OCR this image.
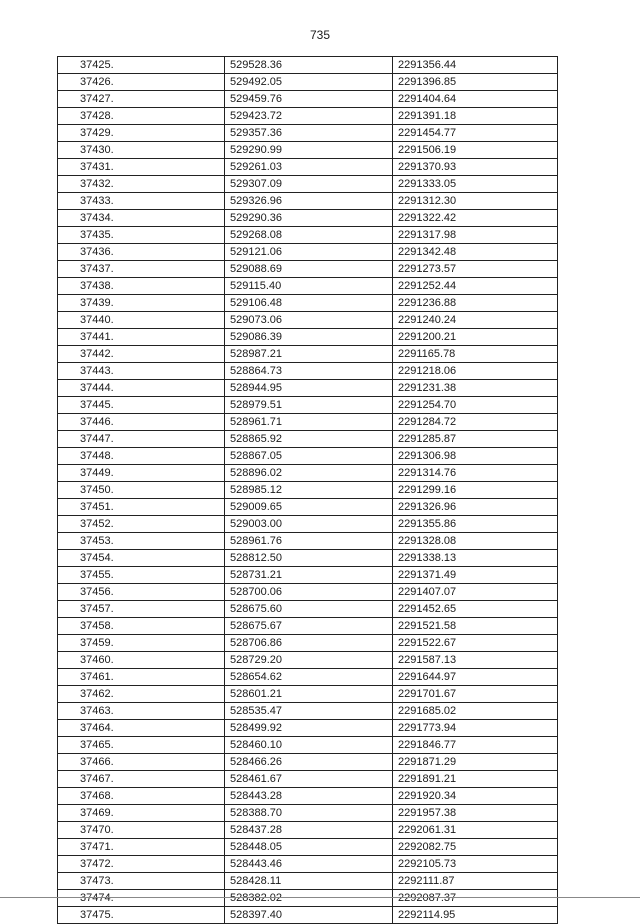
735
37425.	529528.36	2291356.44
37426.	529492.05	2291396.85
37427.	529459.76	2291404.64
37428.	529423.72	2291391.18
37429.	529357.36	2291454.77
37430.	529290.99	2291506.19
37431.	529261.03	2291370.93
37432.	529307.09	2291333.05
37433.	529326.96	2291312.30
37434.	529290.36	2291322.42
37435.	529268.08	2291317.98
37436.	529121.06	2291342.48
37437.	529088.69	2291273.57
37438.	529115.40	2291252.44
37439.	529106.48	2291236.88
37440.	529073.06	2291240.24
37441.	529086.39	2291200.21
37442.	528987.21	2291165.78
37443.	528864.73	2291218.06
37444.	528944.95	2291231.38
37445.	528979.51	2291254.70
37446.	528961.71	2291284.72
37447.	528865.92	2291285.87
37448.	528867.05	2291306.98
37449.	528896.02	2291314.76
37450.	528985.12	2291299.16
37451.	529009.65	2291326.96
37452.	529003.00	2291355.86
37453.	528961.76	2291328.08
37454.	528812.50	2291338.13
37455.	528731.21	2291371.49
37456.	528700.06	2291407.07
37457.	528675.60	2291452.65
37458.	528675.67	2291521.58
37459.	528706.86	2291522.67
37460.	528729.20	2291587.13
37461.	528654.62	2291644.97
37462.	528601.21	2291701.67
37463.	528535.47	2291685.02
37464.	528499.92	2291773.94
37465.	528460.10	2291846.77
37466.	528466.26	2291871.29
37467.	528461.67	2291891.21
37468.	528443.28	2291920.34
37469.	528388.70	2291957.38
37470.	528437.28	2292061.31
37471.	528448.05	2292082.75
37472.	528443.46	2292105.73
37473.	528428.11	2292111.87
37474.	528382.02	2292087.37
37475.	528397.40	2292114.95
